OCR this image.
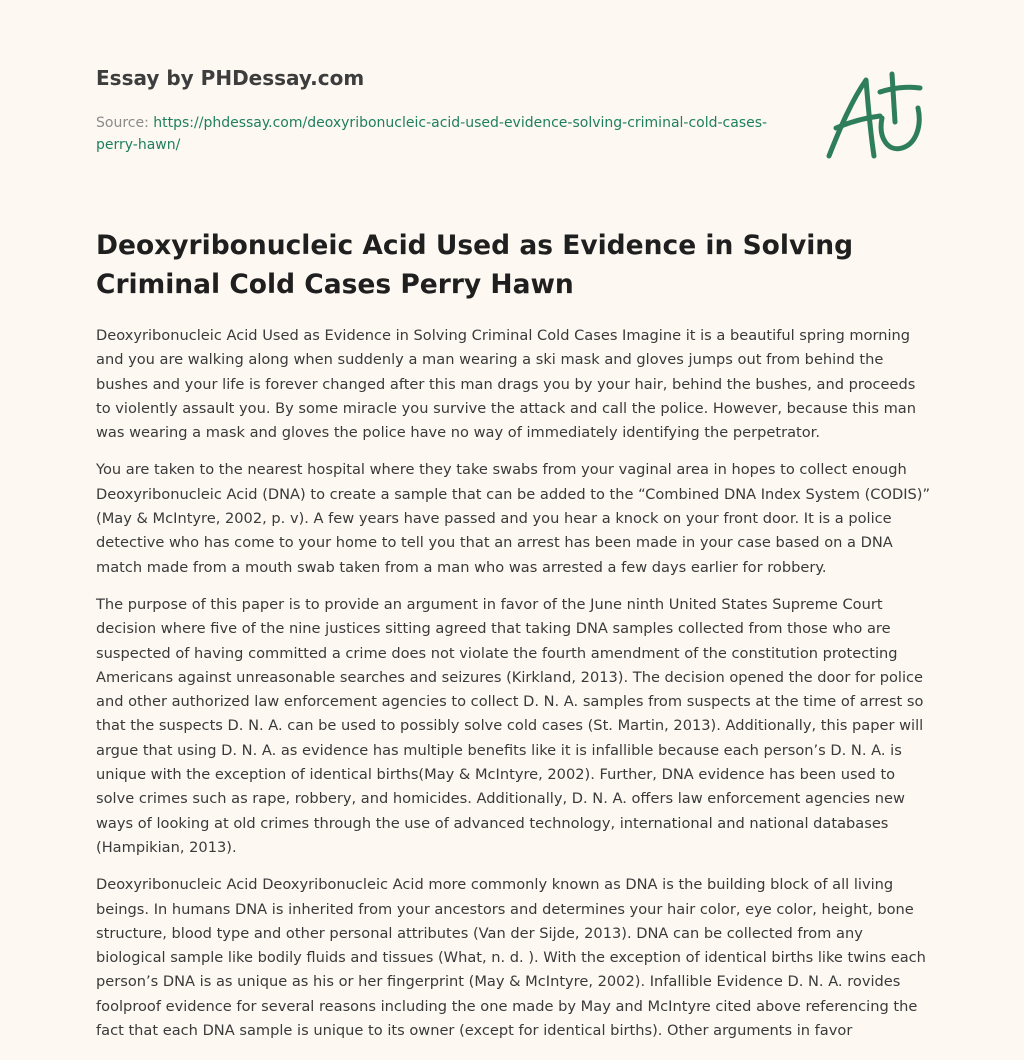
Essay by PHDessay.com
Source: https://phdessay.com/deoxyribonucleic-acid-used-evidence-solving-criminal-cold-cases-perry-hawn/
Deoxyribonucleic Acid Used as Evidence in Solving Criminal Cold Cases Perry Hawn

Deoxyribonucleic Acid Used as Evidence in Solving Criminal Cold Cases Imagine it is a beautiful spring morning and you are walking along when suddenly a man wearing a ski mask and gloves jumps out from behind the bushes and your life is forever changed after this man drags you by your hair, behind the bushes, and proceeds to violently assault you. By some miracle you survive the attack and call the police. However, because this man was wearing a mask and gloves the police have no way of immediately identifying the perpetrator.

You are taken to the nearest hospital where they take swabs from your vaginal area in hopes to collect enough Deoxyribonucleic Acid (DNA) to create a sample that can be added to the “Combined DNA Index System (CODIS)” (May & McIntyre, 2002, p. v). A few years have passed and you hear a knock on your front door. It is a police detective who has come to your home to tell you that an arrest has been made in your case based on a DNA match made from a mouth swab taken from a man who was arrested a few days earlier for robbery.

The purpose of this paper is to provide an argument in favor of the June ninth United States Supreme Court decision where five of the nine justices sitting agreed that taking DNA samples collected from those who are suspected of having committed a crime does not violate the fourth amendment of the constitution protecting Americans against unreasonable searches and seizures (Kirkland, 2013). The decision opened the door for police and other authorized law enforcement agencies to collect D. N. A. samples from suspects at the time of arrest so that the suspects D. N. A. can be used to possibly solve cold cases (St. Martin, 2013). Additionally, this paper will argue that using D. N. A. as evidence has multiple benefits like it is infallible because each person’s D. N. A. is unique with the exception of identical births(May & McIntyre, 2002). Further, DNA evidence has been used to solve crimes such as rape, robbery, and homicides. Additionally, D. N. A. offers law enforcement agencies new ways of looking at old crimes through the use of advanced technology, international and national databases (Hampikian, 2013).

Deoxyribonucleic Acid Deoxyribonucleic Acid more commonly known as DNA is the building block of all living beings. In humans DNA is inherited from your ancestors and determines your hair color, eye color, height, bone structure, blood type and other personal attributes (Van der Sijde, 2013). DNA can be collected from any biological sample like bodily fluids and tissues (What, n. d. ). With the exception of identical births like twins each person’s DNA is as unique as his or her fingerprint (May & McIntyre, 2002). Infallible Evidence D. N. A. rovides foolproof evidence for several reasons including the one made by May and McIntyre cited above referencing the fact that each DNA sample is unique to its owner (except for identical births). Other arguments in favor
